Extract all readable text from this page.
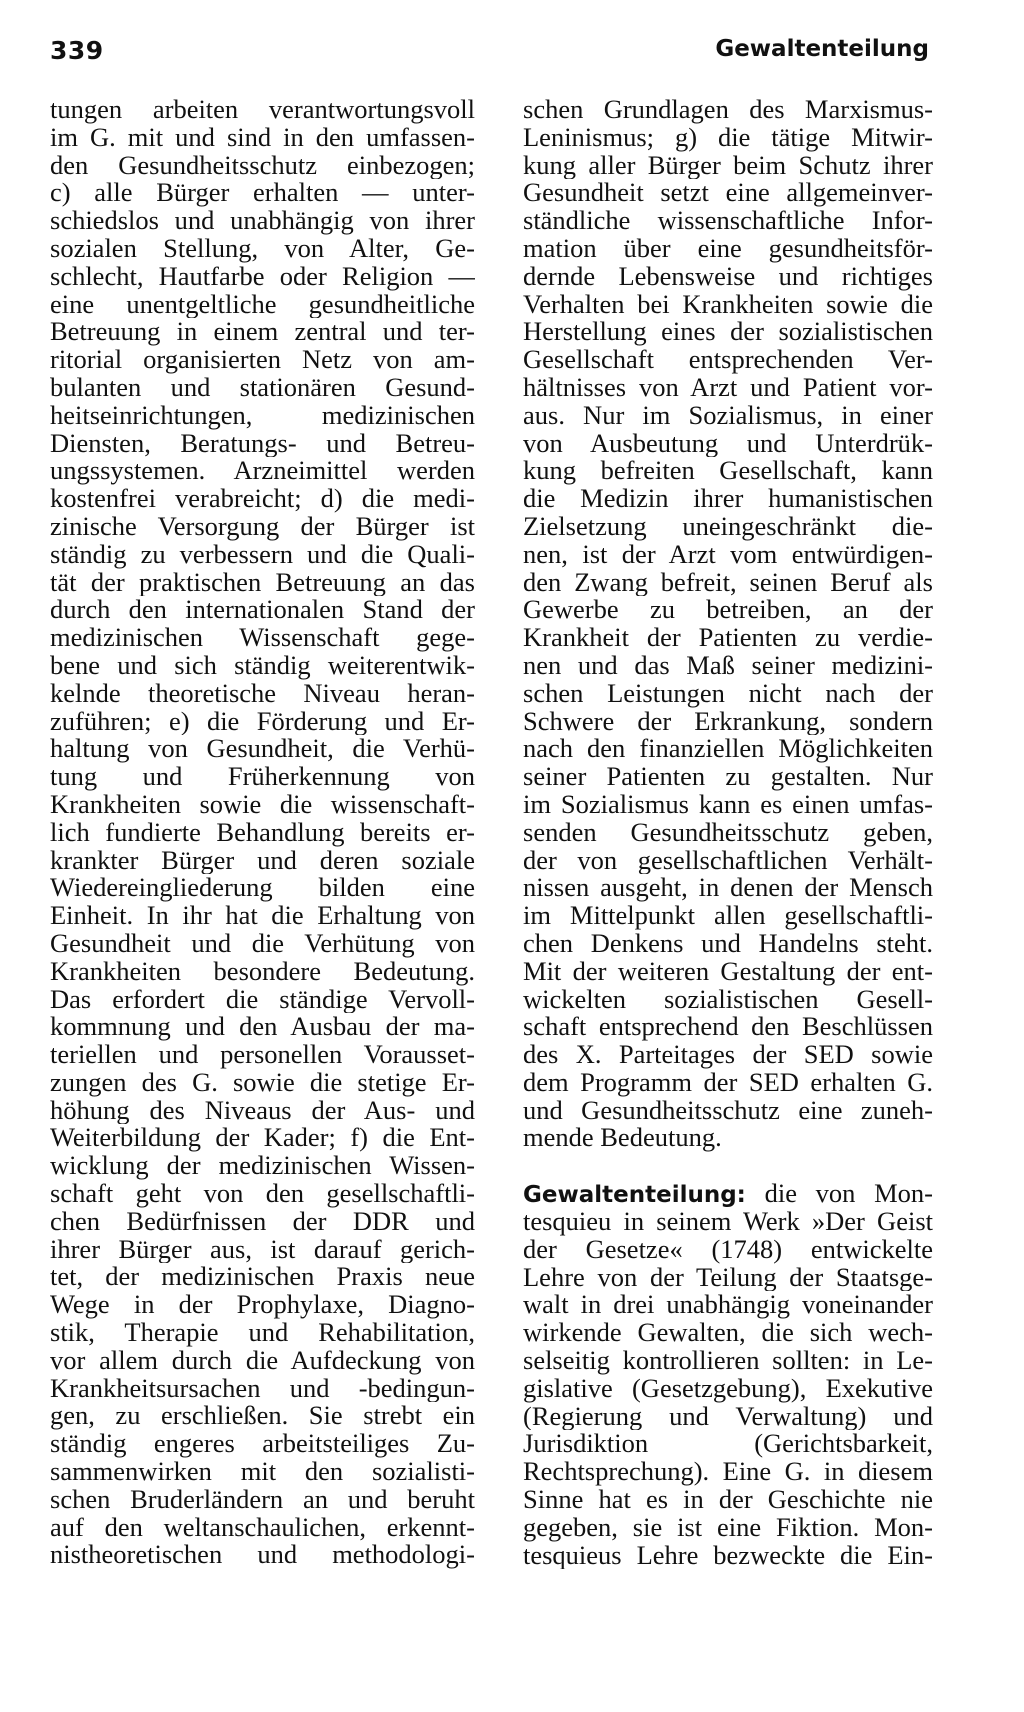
339	Gewaltenteilung
tungen arbeiten verantwortungsvoll
im G. mit und sind in den umfassen-
den Gesundheitsschutz einbezogen;
c) alle Bürger erhalten — unter-
schiedslos und unabhängig von ihrer
sozialen Stellung, von Alter, Ge-
schlecht, Hautfarbe oder Religion —
eine unentgeltliche gesundheitliche
Betreuung in einem zentral und ter-
ritorial organisierten Netz von am-
bulanten und stationären Gesund-
heitseinrichtungen, medizinischen
Diensten, Beratungs- und Betreu-
ungssystemen. Arzneimittel werden
kostenfrei verabreicht; d) die medi-
zinische Versorgung der Bürger ist
ständig zu verbessern und die Quali-
tät der praktischen Betreuung an das
durch den internationalen Stand der
medizinischen Wissenschaft gege-
bene und sich ständig weiterentwik-
kelnde theoretische Niveau heran-
zuführen; e) die Förderung und Er-
haltung von Gesundheit, die Verhü-
tung und Früherkennung von
Krankheiten sowie die wissenschaft-
lich fundierte Behandlung bereits er-
krankter Bürger und deren soziale
Wiedereingliederung bilden eine
Einheit. In ihr hat die Erhaltung von
Gesundheit und die Verhütung von
Krankheiten besondere Bedeutung.
Das erfordert die ständige Vervoll-
kommnung und den Ausbau der ma-
teriellen und personellen Vorausset-
zungen des G. sowie die stetige Er-
höhung des Niveaus der Aus- und
Weiterbildung der Kader; f) die Ent-
wicklung der medizinischen Wissen-
schaft geht von den gesellschaftli-
chen Bedürfnissen der DDR und
ihrer Bürger aus, ist darauf gerich-
tet, der medizinischen Praxis neue
Wege in der Prophylaxe, Diagno-
stik, Therapie und Rehabilitation,
vor allem durch die Aufdeckung von
Krankheitsursachen und -bedingun-
gen, zu erschließen. Sie strebt ein
ständig engeres arbeitsteiliges Zu-
sammenwirken mit den sozialisti-
schen Bruderländern an und beruht
auf den weltanschaulichen, erkennt-
nistheoretischen und methodologi-
schen Grundlagen des Marxismus-
Leninismus; g) die tätige Mitwir-
kung aller Bürger beim Schutz ihrer
Gesundheit setzt eine allgemeinver-
ständliche wissenschaftliche Infor-
mation über eine gesundheitsför-
dernde Lebensweise und richtiges
Verhalten bei Krankheiten sowie die
Herstellung eines der sozialistischen
Gesellschaft entsprechenden Ver-
hältnisses von Arzt und Patient vor-
aus. Nur im Sozialismus, in einer
von Ausbeutung und Unterdrük-
kung befreiten Gesellschaft, kann
die Medizin ihrer humanistischen
Zielsetzung uneingeschränkt die-
nen, ist der Arzt vom entwürdigen-
den Zwang befreit, seinen Beruf als
Gewerbe zu betreiben, an der
Krankheit der Patienten zu verdie-
nen und das Maß seiner medizini-
schen Leistungen nicht nach der
Schwere der Erkrankung, sondern
nach den finanziellen Möglichkeiten
seiner Patienten zu gestalten. Nur
im Sozialismus kann es einen umfas-
senden Gesundheitsschutz geben,
der von gesellschaftlichen Verhält-
nissen ausgeht, in denen der Mensch
im Mittelpunkt allen gesellschaftli-
chen Denkens und Handelns steht.
Mit der weiteren Gestaltung der ent-
wickelten sozialistischen Gesell-
schaft entsprechend den Beschlüssen
des X. Parteitages der SED sowie
dem Programm der SED erhalten G.
und Gesundheitsschutz eine zuneh-
mende Bedeutung.
Gewaltenteilung: die von Mon-
tesquieu in seinem Werk »Der Geist
der Gesetze« (1748) entwickelte
Lehre von der Teilung der Staatsge-
walt in drei unabhängig voneinander
wirkende Gewalten, die sich wech-
selseitig kontrollieren sollten: in Le-
gislative (Gesetzgebung), Exekutive
(Regierung und Verwaltung) und
Jurisdiktion (Gerichtsbarkeit,
Rechtsprechung). Eine G. in diesem
Sinne hat es in der Geschichte nie
gegeben, sie ist eine Fiktion. Mon-
tesquieus Lehre bezweckte die Ein-
